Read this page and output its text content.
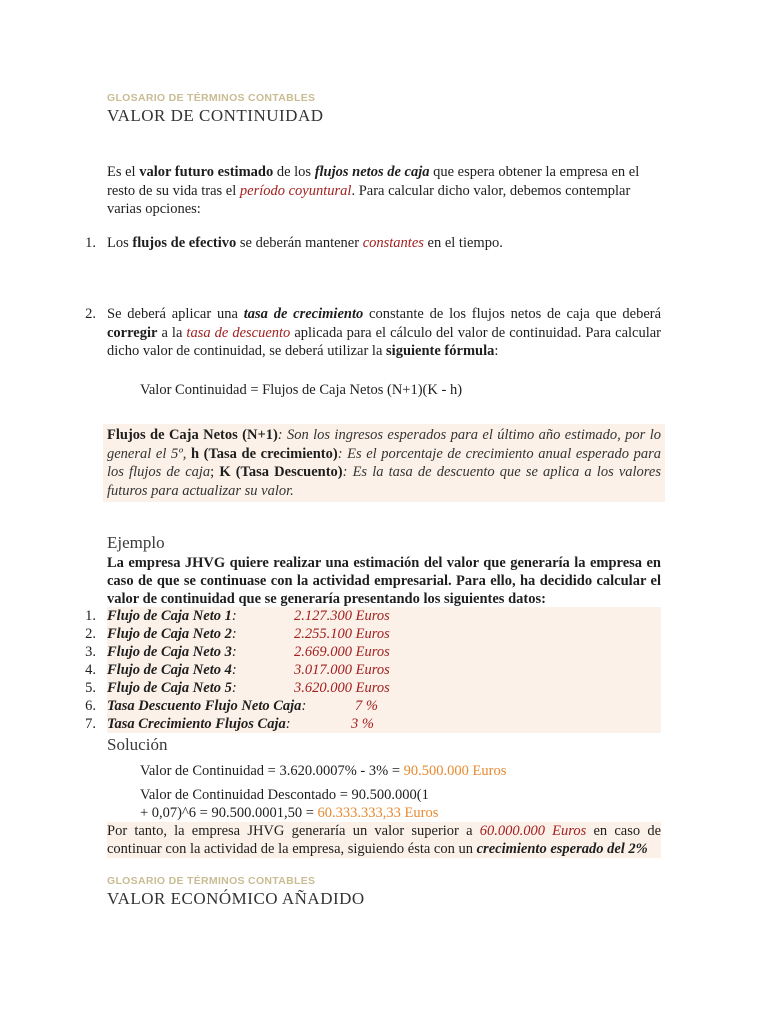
GLOSARIO DE TÉRMINOS CONTABLES
VALOR DE CONTINUIDAD
Es el valor futuro estimado de los flujos netos de caja que espera obtener la empresa en el resto de su vida tras el período coyuntural. Para calcular dicho valor, debemos contemplar varias opciones:
1. Los flujos de efectivo se deberán mantener constantes en el tiempo.
2. Se deberá aplicar una tasa de crecimiento constante de los flujos netos de caja que deberá corregir a la tasa de descuento aplicada para el cálculo del valor de continuidad. Para calcular dicho valor de continuidad, se deberá utilizar la siguiente fórmula:
Valor Continuidad = Flujos de Caja Netos (N+1)(K - h)
Flujos de Caja Netos (N+1): Son los ingresos esperados para el último año estimado, por lo general el 5º, h (Tasa de crecimiento): Es el porcentaje de crecimiento anual esperado para los flujos de caja; K (Tasa Descuento): Es la tasa de descuento que se aplica a los valores futuros para actualizar su valor.
Ejemplo
La empresa JHVG quiere realizar una estimación del valor que generaría la empresa en caso de que se continuase con la actividad empresarial. Para ello, ha decidido calcular el valor de continuidad que se generaría presentando los siguientes datos:
1. Flujo de Caja Neto 1:	2.127.300 Euros
2. Flujo de Caja Neto 2:	2.255.100 Euros
3. Flujo de Caja Neto 3:	2.669.000 Euros
4. Flujo de Caja Neto 4:	3.017.000 Euros
5. Flujo de Caja Neto 5:	3.620.000 Euros
6. Tasa Descuento Flujo Neto Caja:	7 %
7. Tasa Crecimiento Flujos Caja:	3 %
Solución
Valor de Continuidad = 3.620.0007% - 3% = 90.500.000 Euros
Valor de Continuidad Descontado = 90.500.000(1 + 0,07)^6 = 90.500.0001,50 = 60.333.333,33 Euros
Por tanto, la empresa JHVG generaría un valor superior a 60.000.000 Euros en caso de continuar con la actividad de la empresa, siguiendo ésta con un crecimiento esperado del 2%
GLOSARIO DE TÉRMINOS CONTABLES
VALOR ECONÓMICO AÑADIDO
